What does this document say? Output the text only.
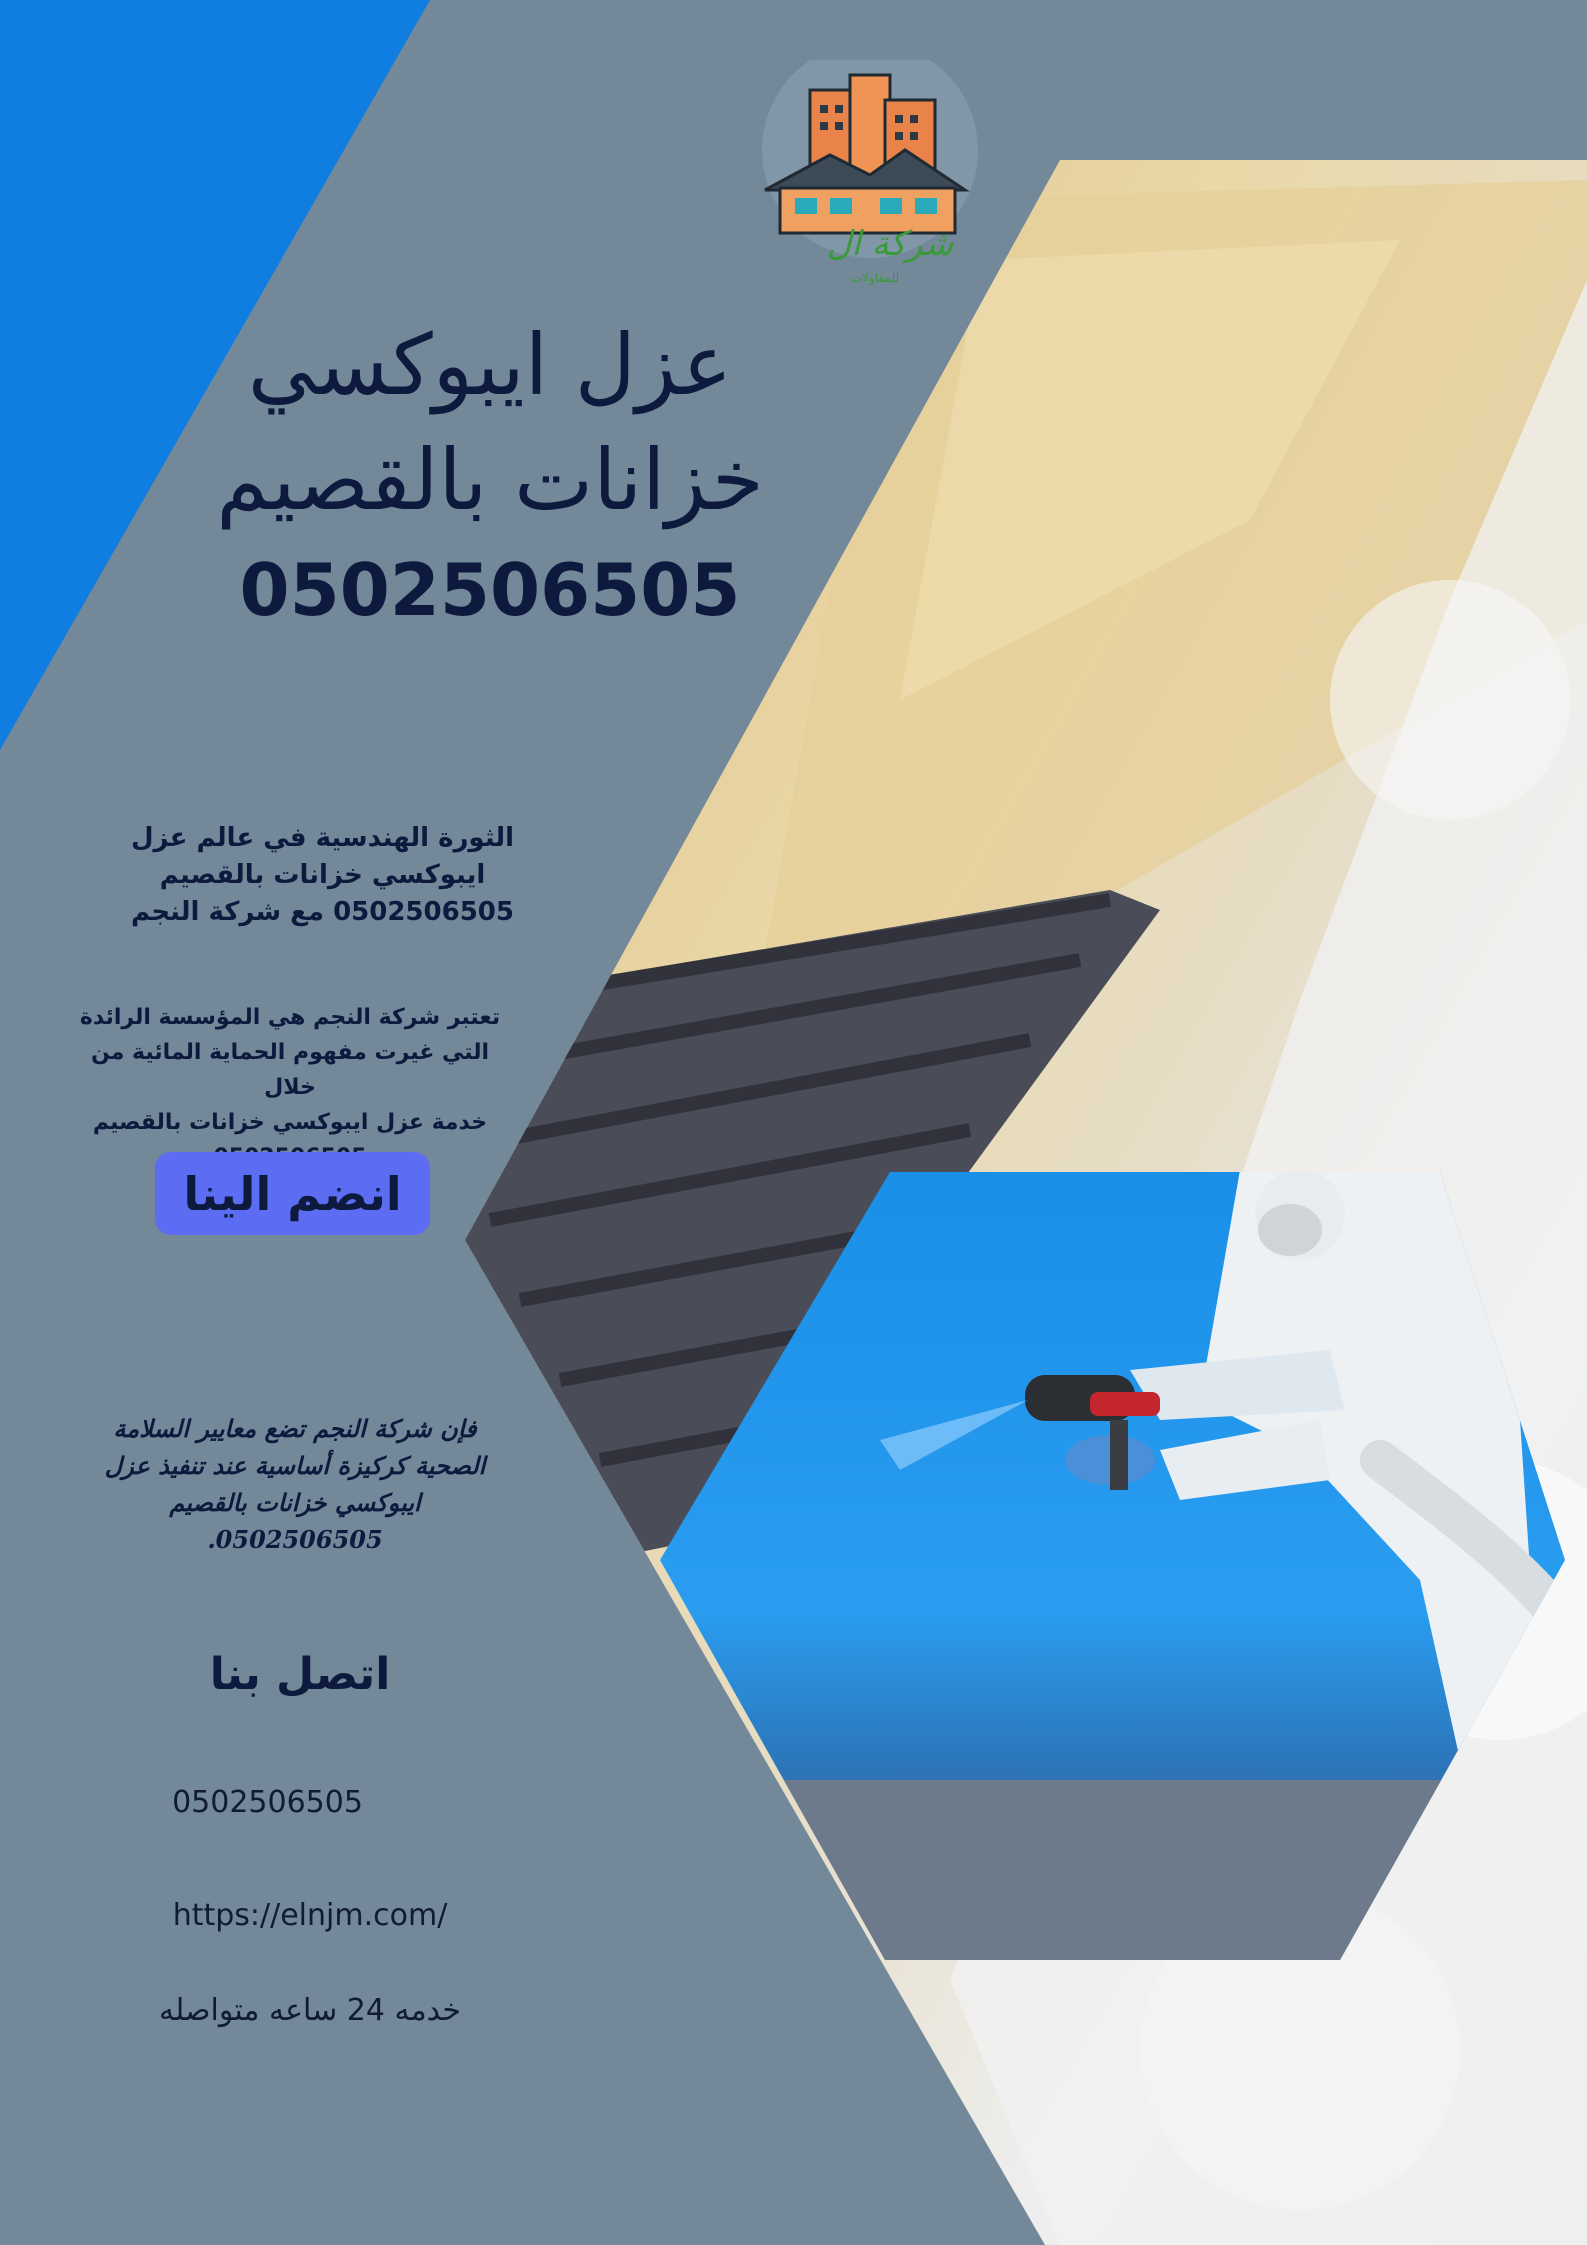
شركة ال
للمقاولات
عزل ايبوكسي
خزانات بالقصيم
0502506505
الثورة الهندسية في عالم عزل
ايبوكسي خزانات بالقصيم
0502506505 مع شركة النجم
تعتبر شركة النجم هي المؤسسة الرائدة
التي غيرت مفهوم الحماية المائية من خلال
خدمة عزل ايبوكسي خزانات بالقصيم
انضم الينا
فإن شركة النجم تضع معايير السلامة
الصحية كركيزة أساسية عند تنفيذ عزل
ايبوكسي خزانات بالقصيم
0502506505.
اتصل بنا
0502506505
https://elnjm.com/
خدمه 24 ساعه متواصله
